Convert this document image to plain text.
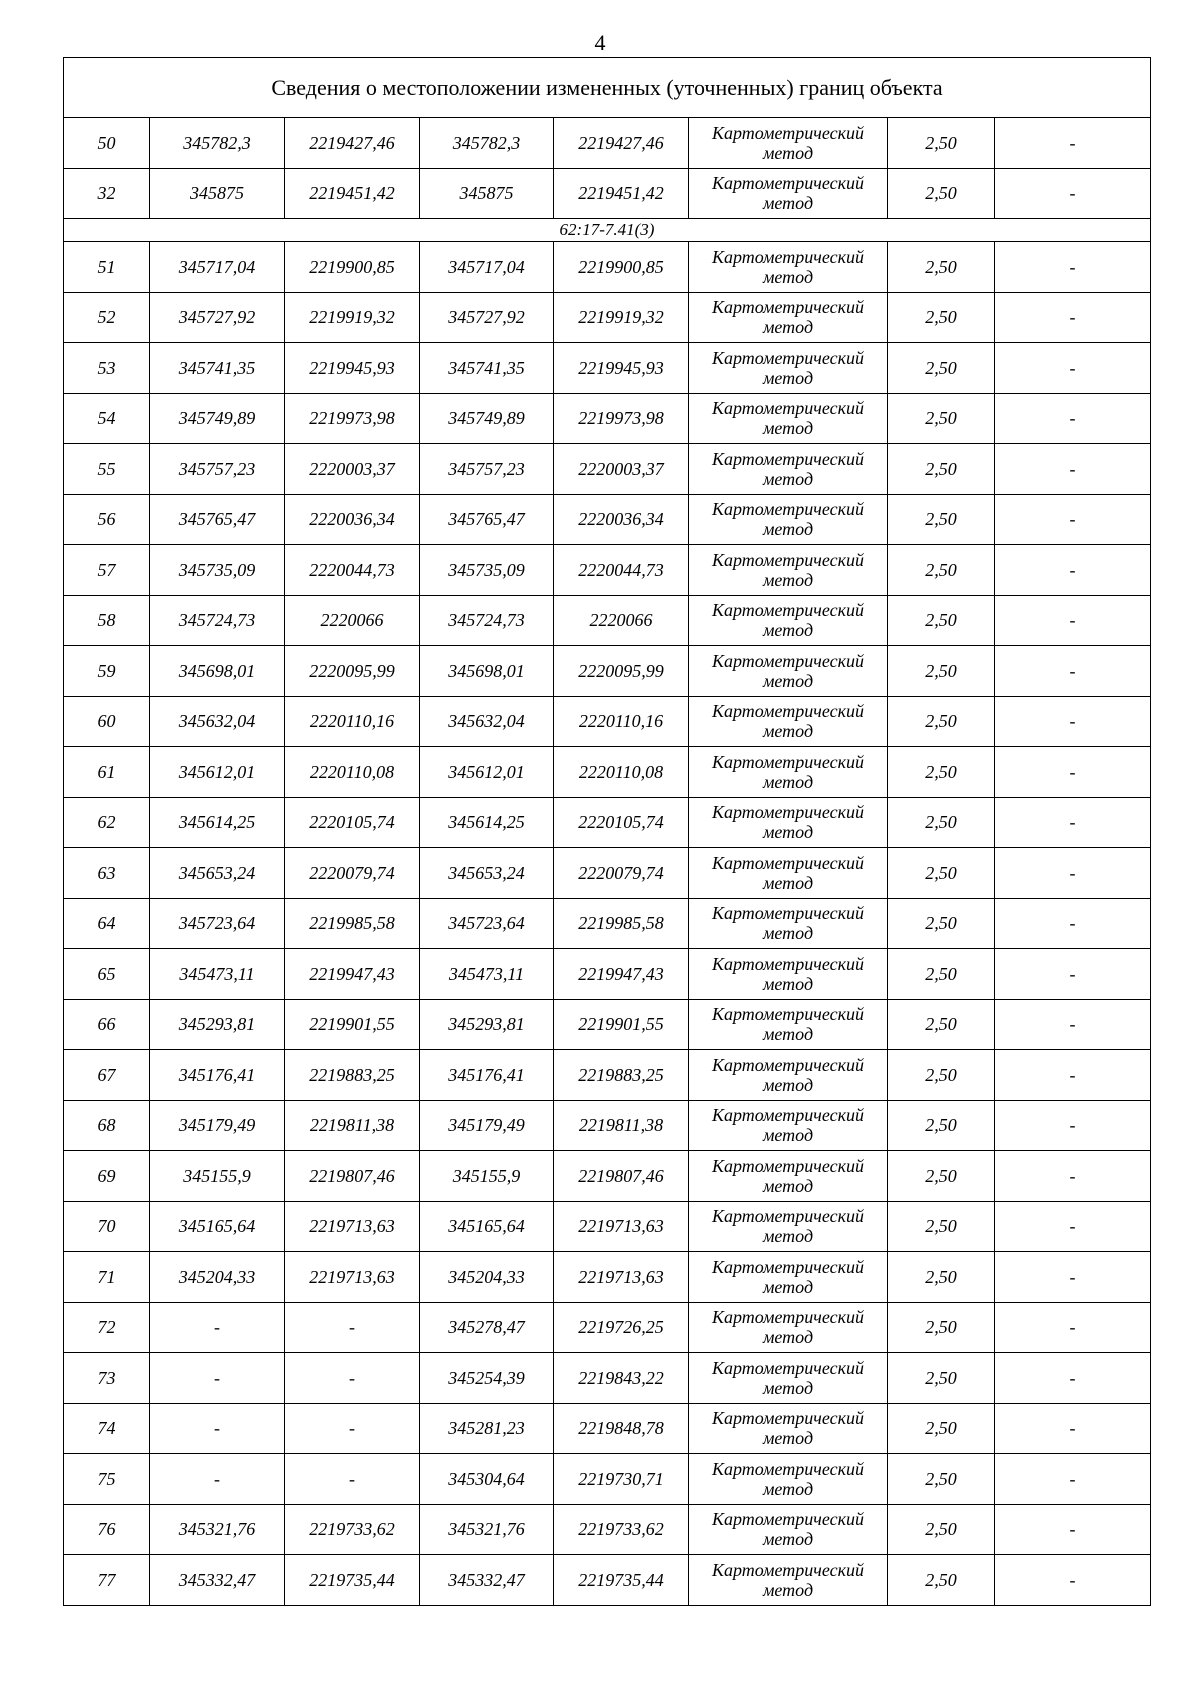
4
Сведения о местоположении измененных (уточненных) границ объекта							
50	345782,3	2219427,46	345782,3	2219427,46	Картометрический метод	2,50	-
32	345875	2219451,42	345875	2219451,42	Картометрический метод	2,50	-
62:17-7.41(3)							
51	345717,04	2219900,85	345717,04	2219900,85	Картометрический метод	2,50	-
52	345727,92	2219919,32	345727,92	2219919,32	Картометрический метод	2,50	-
53	345741,35	2219945,93	345741,35	2219945,93	Картометрический метод	2,50	-
54	345749,89	2219973,98	345749,89	2219973,98	Картометрический метод	2,50	-
55	345757,23	2220003,37	345757,23	2220003,37	Картометрический метод	2,50	-
56	345765,47	2220036,34	345765,47	2220036,34	Картометрический метод	2,50	-
57	345735,09	2220044,73	345735,09	2220044,73	Картометрический метод	2,50	-
58	345724,73	2220066	345724,73	2220066	Картометрический метод	2,50	-
59	345698,01	2220095,99	345698,01	2220095,99	Картометрический метод	2,50	-
60	345632,04	2220110,16	345632,04	2220110,16	Картометрический метод	2,50	-
61	345612,01	2220110,08	345612,01	2220110,08	Картометрический метод	2,50	-
62	345614,25	2220105,74	345614,25	2220105,74	Картометрический метод	2,50	-
63	345653,24	2220079,74	345653,24	2220079,74	Картометрический метод	2,50	-
64	345723,64	2219985,58	345723,64	2219985,58	Картометрический метод	2,50	-
65	345473,11	2219947,43	345473,11	2219947,43	Картометрический метод	2,50	-
66	345293,81	2219901,55	345293,81	2219901,55	Картометрический метод	2,50	-
67	345176,41	2219883,25	345176,41	2219883,25	Картометрический метод	2,50	-
68	345179,49	2219811,38	345179,49	2219811,38	Картометрический метод	2,50	-
69	345155,9	2219807,46	345155,9	2219807,46	Картометрический метод	2,50	-
70	345165,64	2219713,63	345165,64	2219713,63	Картометрический метод	2,50	-
71	345204,33	2219713,63	345204,33	2219713,63	Картометрический метод	2,50	-
72	-	-	345278,47	2219726,25	Картометрический метод	2,50	-
73	-	-	345254,39	2219843,22	Картометрический метод	2,50	-
74	-	-	345281,23	2219848,78	Картометрический метод	2,50	-
75	-	-	345304,64	2219730,71	Картометрический метод	2,50	-
76	345321,76	2219733,62	345321,76	2219733,62	Картометрический метод	2,50	-
77	345332,47	2219735,44	345332,47	2219735,44	Картометрический метод	2,50	-
